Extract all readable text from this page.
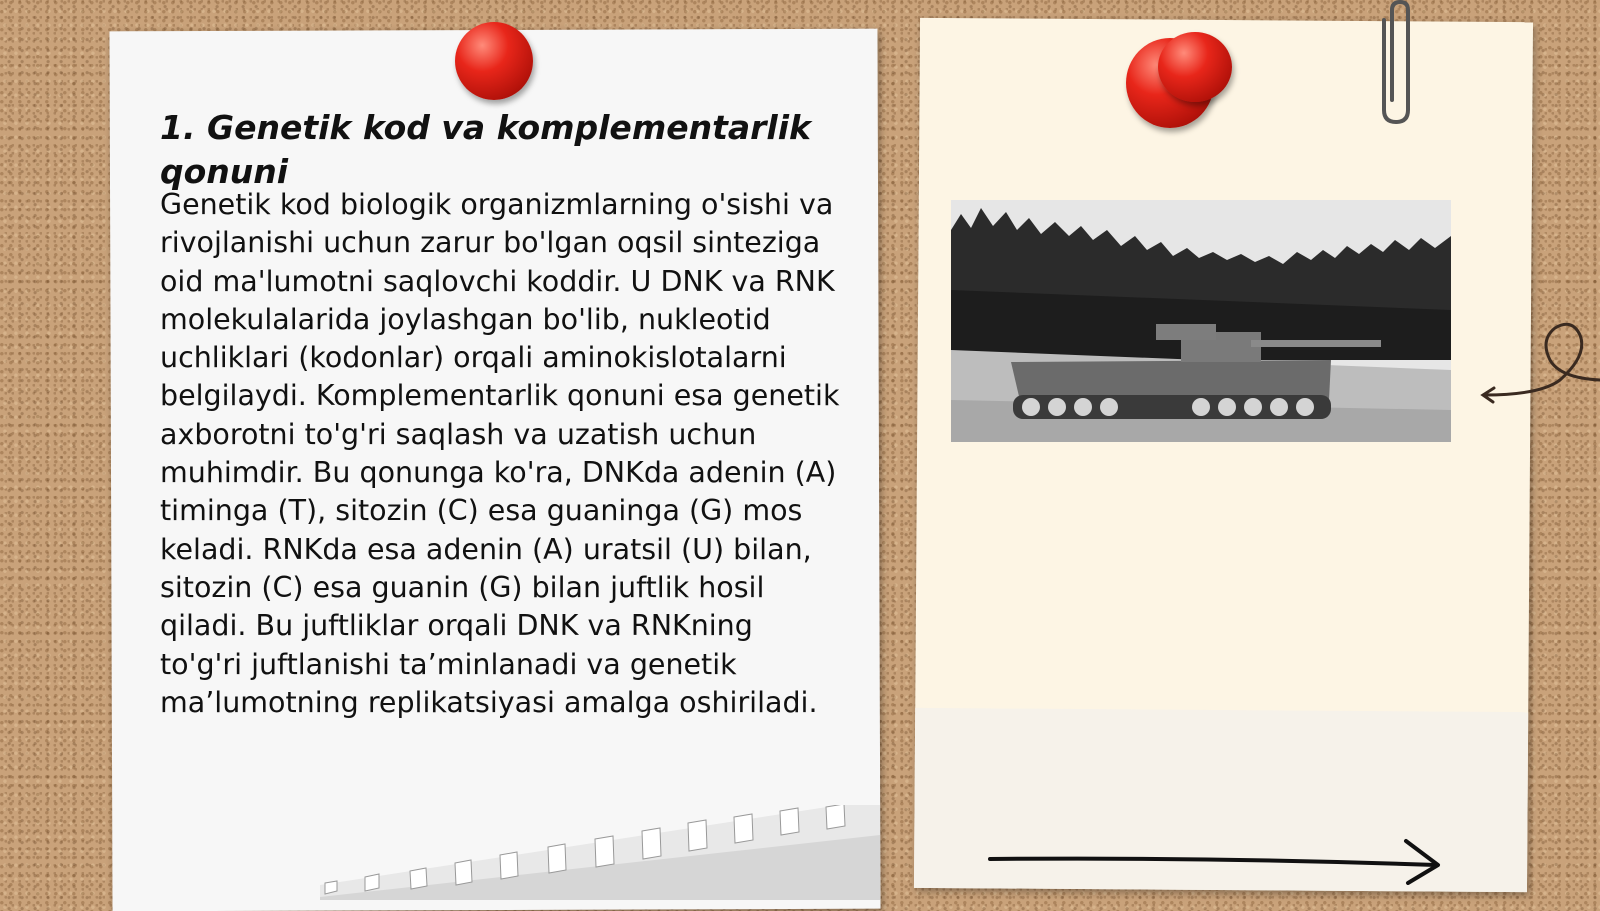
1. Genetik kod va komplementarlik qonuni

Genetik kod biologik organizmlarning o'sishi va rivojlanishi uchun zarur bo'lgan oqsil sinteziga oid ma'lumotni saqlovchi koddir. U DNK va RNK molekulalarida joylashgan bo'lib, nukleotid uchliklari (kodonlar) orqali aminokislotalarni belgilaydi. Komplementarlik qonuni esa genetik axborotni to'g'ri saqlash va uzatish uchun muhimdir. Bu qonunga ko'ra, DNKda adenin (A) timinga (T), sitozin (C) esa guaninga (G) mos keladi. RNKda esa adenin (A) uratsil (U) bilan, sitozin (C) esa guanin (G) bilan juftlik hosil qiladi. Bu juftliklar orqali DNK va RNKning to'g'ri juftlanishi ta’minlanadi va genetik ma’lumotning replikatsiyasi amalga oshiriladi.
